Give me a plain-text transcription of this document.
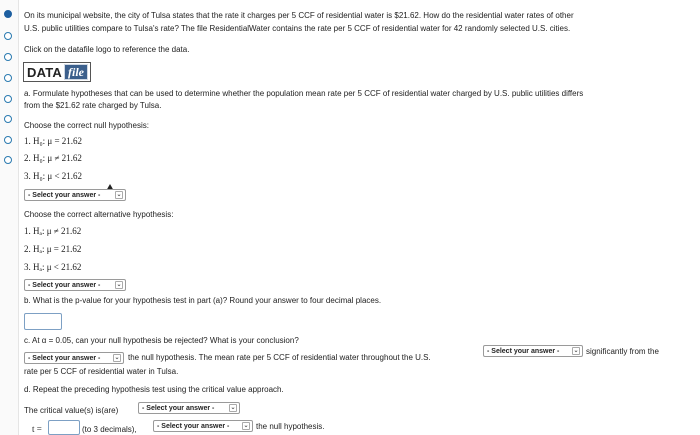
On its municipal website, the city of Tulsa states that the rate it charges per 5 CCF of residential water is $21.62. How do the residential water rates of other
U.S. public utilities compare to Tulsa's rate? The file ResidentialWater contains the rate per 5 CCF of residential water for 42 randomly selected U.S. cities.
Click on the datafile logo to reference the data.
DATA file
a. Formulate hypotheses that can be used to determine whether the population mean rate per 5 CCF of residential water charged by U.S. public utilities differs
from the $21.62 rate charged by Tulsa.
Choose the correct null hypothesis:
1. H₀: μ = 21.62
2. H₀: μ ≠ 21.62
3. H₀: μ < 21.62
- Select your answer -	⌄
Choose the correct alternative hypothesis:
1. Hₐ: μ ≠ 21.62
2. Hₐ: μ = 21.62
3. Hₐ: μ < 21.62
- Select your answer -	⌄
b. What is the p-value for your hypothesis test in part (a)? Round your answer to four decimal places.
c. At α = 0.05, can your null hypothesis be rejected? What is your conclusion?
- Select your answer - ⌄ the null hypothesis. The mean rate per 5 CCF of residential water throughout the U.S.
- Select your answer - ⌄ significantly from the
rate per 5 CCF of residential water in Tulsa.
d. Repeat the preceding hypothesis test using the critical value approach.
The critical value(s) is(are)	- Select your answer -	⌄
t =	(to 3 decimals),	- Select your answer - ⌄ the null hypothesis.
